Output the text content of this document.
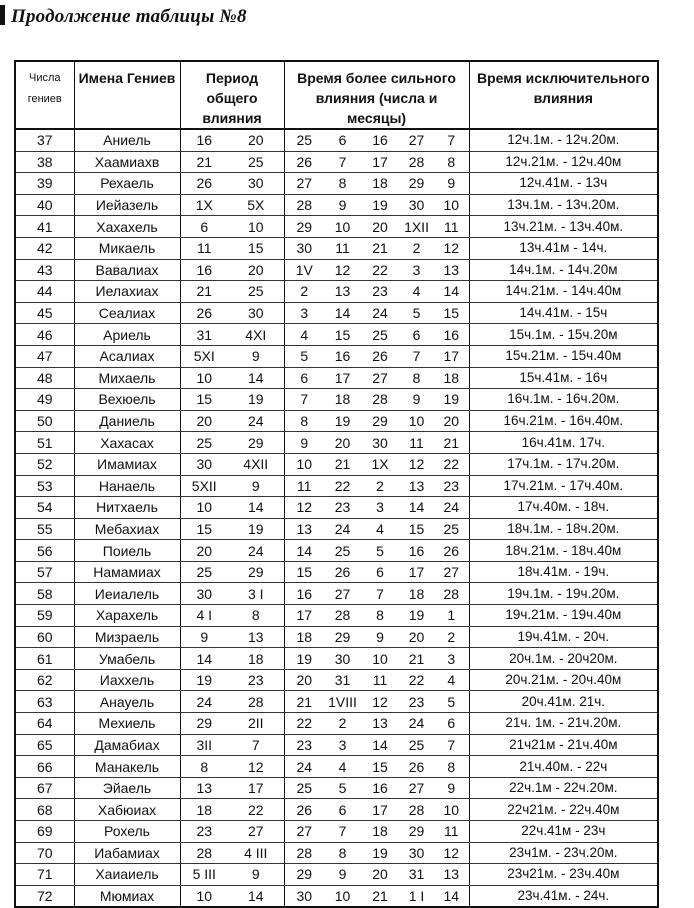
Продолжение таблицы №8
Числа гениев	Имена Гениев	Период общего влияния		Время более сильного влияния (числа и месяцы)					Время исключительного влияния
37	Аниель	16	20	25	6	16	27	7	12ч.1м. - 12ч.20м.
38	Хаамиахв	21	25	26	7	17	28	8	12ч.21м. - 12ч.40м
39	Рехаель	26	30	27	8	18	29	9	12ч.41м. - 13ч
40	Иейазель	1X	5X	28	9	19	30	10	13ч.1м. - 13ч.20м.
41	Хахахель	6	10	29	10	20	1XII	11	13ч.21м. - 13ч.40м.
42	Микаель	11	15	30	11	21	2	12	13ч.41м - 14ч.
43	Вавалиах	16	20	1V	12	22	3	13	14ч.1м. - 14ч.20м
44	Иелахиах	21	25	2	13	23	4	14	14ч.21м. - 14ч.40м
45	Сеалиах	26	30	3	14	24	5	15	14ч.41м. - 15ч
46	Ариель	31	4XI	4	15	25	6	16	15ч.1м. - 15ч.20м
47	Асалиах	5XI	9	5	16	26	7	17	15ч.21м. - 15ч.40м
48	Михаель	10	14	6	17	27	8	18	15ч.41м. - 16ч
49	Вехюель	15	19	7	18	28	9	19	16ч.1м. - 16ч.20м.
50	Даниель	20	24	8	19	29	10	20	16ч.21м. - 16ч.40м.
51	Хахасах	25	29	9	20	30	11	21	16ч.41м. 17ч.
52	Имамиах	30	4XII	10	21	1X	12	22	17ч.1м. - 17ч.20м.
53	Нанаель	5XII	9	11	22	2	13	23	17ч.21м. - 17ч.40м.
54	Нитхаель	10	14	12	23	3	14	24	17ч.40м. - 18ч.
55	Мебахиах	15	19	13	24	4	15	25	18ч.1м. - 18ч.20м.
56	Поиель	20	24	14	25	5	16	26	18ч.21м. - 18ч.40м
57	Намамиах	25	29	15	26	6	17	27	18ч.41м. - 19ч.
58	Иеиалель	30	3 I	16	27	7	18	28	19ч.1м. - 19ч.20м.
59	Харахель	4 I	8	17	28	8	19	1	19ч.21м. - 19ч.40м
60	Мизраель	9	13	18	29	9	20	2	19ч.41м. - 20ч.
61	Умабель	14	18	19	30	10	21	3	20ч.1м. - 20ч20м.
62	Иаххель	19	23	20	31	11	22	4	20ч.21м. - 20ч.40м
63	Анауель	24	28	21	1VIII	12	23	5	20ч.41м. 21ч.
64	Мехиель	29	2II	22	2	13	24	6	21ч. 1м. - 21ч.20м.
65	Дамабиах	3II	7	23	3	14	25	7	21ч21м - 21ч.40м
66	Манакель	8	12	24	4	15	26	8	21ч.40м. - 22ч
67	Эйаель	13	17	25	5	16	27	9	22ч.1м - 22ч.20м.
68	Хабюиах	18	22	26	6	17	28	10	22ч21м. - 22ч.40м
69	Рохель	23	27	27	7	18	29	11	22ч.41м - 23ч
70	Иабамиах	28	4 III	28	8	19	30	12	23ч1м. - 23ч.20м.
71	Хаиаиель	5 III	9	29	9	20	31	13	23ч21м. - 23ч.40м
72	Мюмиах	10	14	30	10	21	1 I	14	23ч.41м. - 24ч.
